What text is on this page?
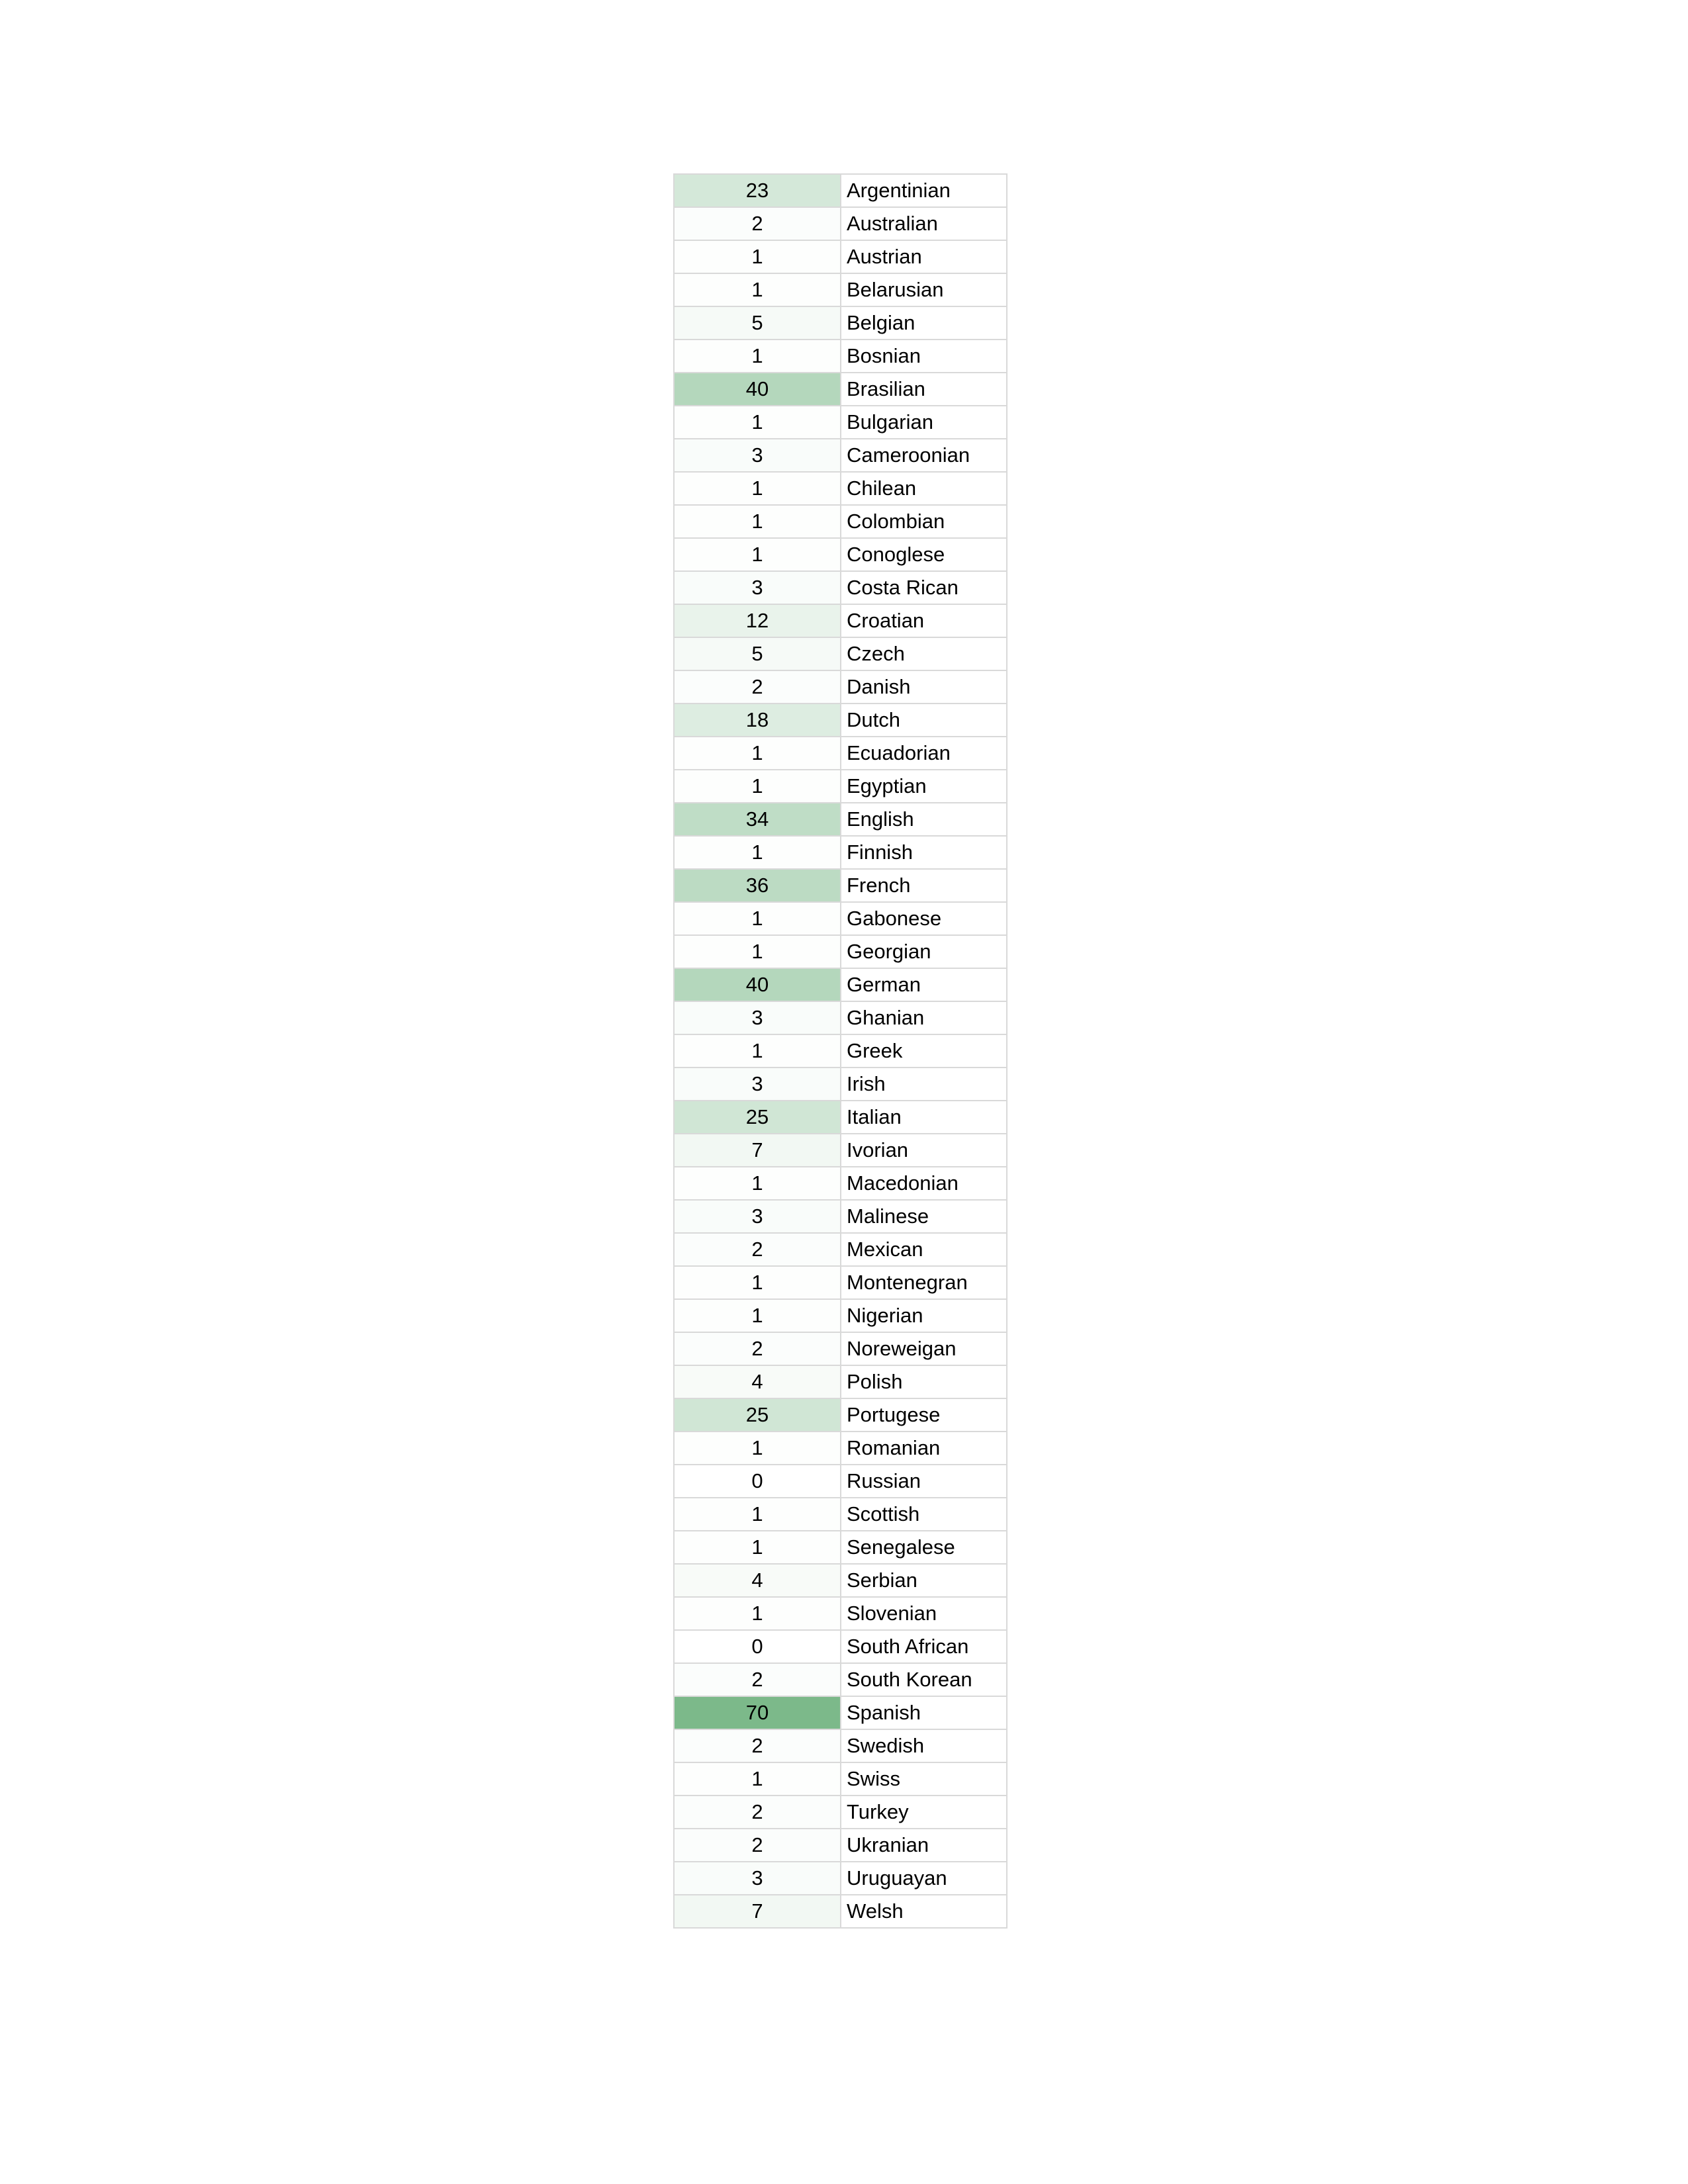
23	Argentinian
2	Australian
1	Austrian
1	Belarusian
5	Belgian
1	Bosnian
40	Brasilian
1	Bulgarian
3	Cameroonian
1	Chilean
1	Colombian
1	Conoglese
3	Costa Rican
12	Croatian
5	Czech
2	Danish
18	Dutch
1	Ecuadorian
1	Egyptian
34	English
1	Finnish
36	French
1	Gabonese
1	Georgian
40	German
3	Ghanian
1	Greek
3	Irish
25	Italian
7	Ivorian
1	Macedonian
3	Malinese
2	Mexican
1	Montenegran
1	Nigerian
2	Noreweigan
4	Polish
25	Portugese
1	Romanian
0	Russian
1	Scottish
1	Senegalese
4	Serbian
1	Slovenian
0	South African
2	South Korean
70	Spanish
2	Swedish
1	Swiss
2	Turkey
2	Ukranian
3	Uruguayan
7	Welsh
